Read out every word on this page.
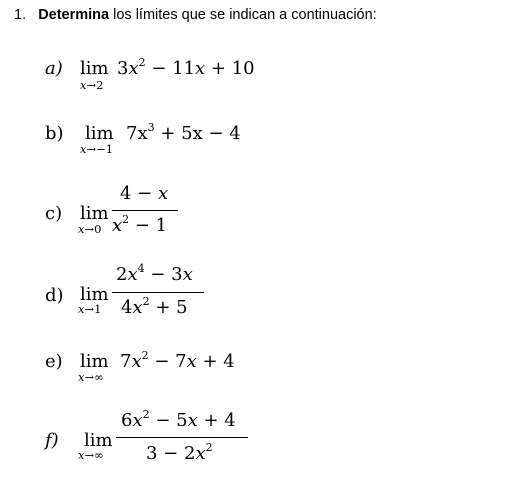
1. Determina los límites que se indican a continuación:
a) lim
x→2
$3x^2 - 11x + 10$
b) lim
x→−1
$7x^3 + 5x - 4$
c) lim
x→0
4 − x
$x^2 - 1$
d) lim
x→1
$2x^4 - 3x$
$4x^2 + 5$
e) lim
x→∞
$7x^2 - 7x + 4$
f) lim
x→∞
$6x^2 - 5x + 4$
$3 - 2x^2$
